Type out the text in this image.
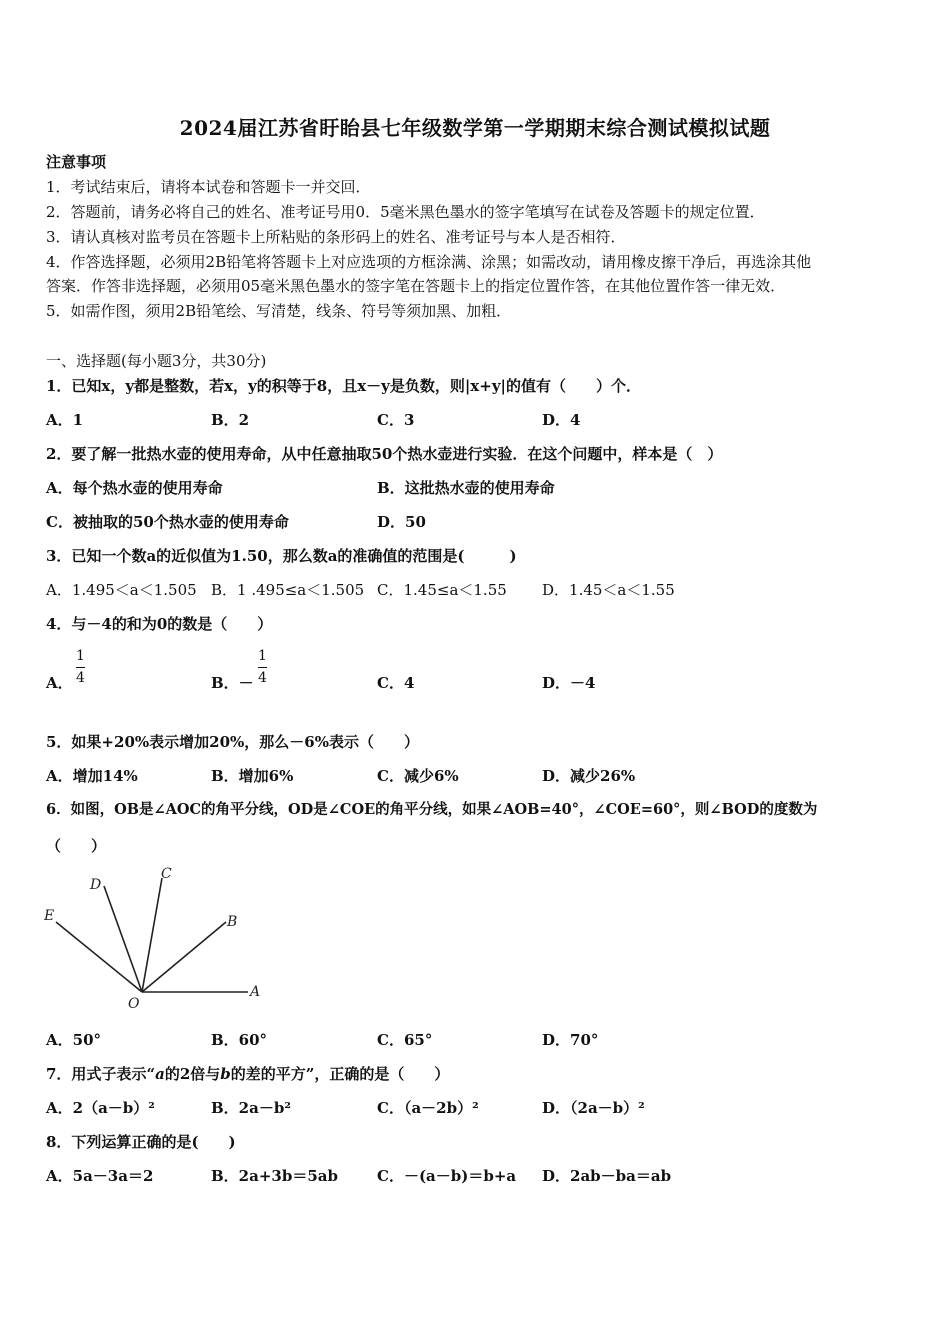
2024届江苏省盱眙县七年级数学第一学期期末综合测试模拟试题
注意事项
1．考试结束后，请将本试卷和答题卡一并交回．
2．答题前，请务必将自己的姓名、准考证号用0．5毫米黑色墨水的签字笔填写在试卷及答题卡的规定位置．
3．请认真核对监考员在答题卡上所粘贴的条形码上的姓名、准考证号与本人是否相符．
4．作答选择题，必须用2B铅笔将答题卡上对应选项的方框涂满、涂黑；如需改动，请用橡皮擦干净后，再选涂其他
答案．作答非选择题，必须用05毫米黑色墨水的签字笔在答题卡上的指定位置作答，在其他位置作答一律无效．
5．如需作图，须用2B铅笔绘、写清楚，线条、符号等须加黑、加粗．
一、选择题(每小题3分，共30分)
1．已知x，y都是整数，若x，y的积等于8，且x－y是负数，则|x+y|的值有（　　）个．
A．1	B．2	C．3	D．4
2．要了解一批热水壶的使用寿命，从中任意抽取50个热水壶进行实验．在这个问题中，样本是（　）
A．每个热水壶的使用寿命	B．这批热水壶的使用寿命
C．被抽取的50个热水壶的使用寿命	D．50
3．已知一个数a的近似值为1.50，那么数a的准确值的范围是(　　　)
A．1.495＜a＜1.505 B．1 .495≤a＜1.505 C．1.45≤a＜1.55 D．1.45＜a＜1.55
4．与－4的和为0的数是（　　）
A．
1
4	B．－
1
4	C．4	D．－4
5．如果+20%表示增加20%，那么－6%表示（　　）
A．增加14%	B．增加6%	C．减少6%	D．减少26%
6．如图，OB是∠AOC的角平分线，OD是∠COE的角平分线，如果∠AOB=40°，∠COE=60°，则∠BOD的度数为
（　　）
A
B
C
D
E
O
A．50°	B．60°	C．65°	D．70°
7．用式子表示“a的2倍与b的差的平方”，正确的是（　　）
A．2（a－b）²	B．2a－b²	C．（a－2b）²	D．（2a－b）²
8．下列运算正确的是(　　)
A．5a－3a＝2	B．2a+3b＝5ab	C．－(a－b)＝b+a D．2ab－ba＝ab
